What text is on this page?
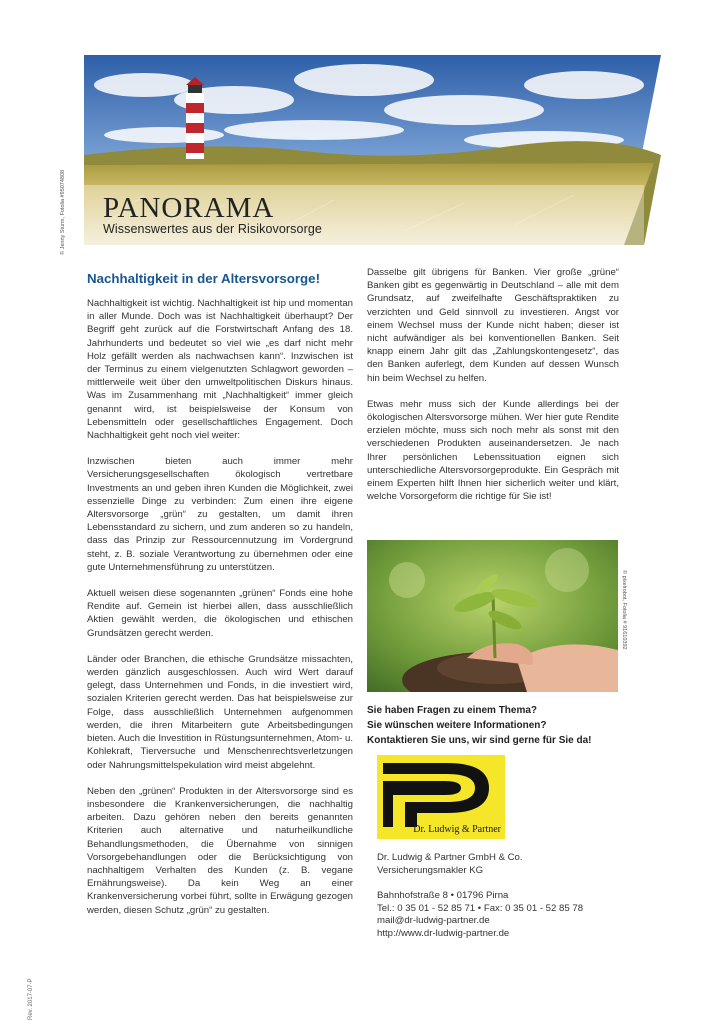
© Jenny Sturm, Fotolia #95074808 PANORAMA
Wissenswertes aus der Risikovorsorge
Nachhaltigkeit in der Altersvorsorge!

Nachhaltigkeit ist wichtig. Nachhaltigkeit ist hip und momentan in aller Munde. Doch was ist Nachhaltigkeit überhaupt? Der Begriff geht zurück auf die Forstwirtschaft Anfang des 18. Jahrhunderts und bedeutet so viel wie „es darf nicht mehr Holz gefällt werden als nachwachsen kann“. Inzwischen ist der Terminus zu einem vielgenutzten Schlagwort geworden – mittlerweile weit über den umweltpolitischen Diskurs hinaus. Was im Zusammenhang mit „Nachhaltigkeit“ immer gleich genannt wird, ist beispielsweise der Konsum von Lebensmitteln oder gesellschaftliches Engagement. Doch Nachhaltigkeit geht noch viel weiter:

Inzwischen bieten auch immer mehr Versicherungsgesellschaften ökologisch vertretbare Investments an und geben ihren Kunden die Möglichkeit, zwei essenzielle Dinge zu verbinden: Zum einen ihre eigene Altersvorsorge „grün“ zu gestalten, um damit ihren Lebensstandard zu sichern, und zum anderen so zu handeln, dass das Prinzip zur Ressourcennutzung im Vordergrund steht, z. B. soziale Verantwortung zu übernehmen oder eine gute Unternehmensführung zu unterstützen.

Aktuell weisen diese sogenannten „grünen“ Fonds eine hohe Rendite auf. Gemein ist hierbei allen, dass ausschließlich Aktien gewählt werden, die ökologischen und ethischen Grundsätzen gerecht werden.

Länder oder Branchen, die ethische Grundsätze missachten, werden gänzlich ausgeschlossen. Auch wird Wert darauf gelegt, dass Unternehmen und Fonds, in die investiert wird, sozialen Kriterien gerecht werden. Das hat beispielsweise zur Folge, dass ausschließlich Unternehmen aufgenommen werden, die ihren Mitarbeitern gute Arbeitsbedingungen bieten. Auch die Investition in Rüstungsunternehmen, Atom- u. Kohlekraft, Tierversuche und Menschenrechtsverletzungen oder Nahrungsmittelspekulation wird meist abgelehnt.

Neben den „grünen“ Produkten in der Altersvorsorge sind es insbesondere die Krankenversicherungen, die nachhaltig arbeiten. Dazu gehören neben den bereits genannten Kriterien auch alternative und naturheilkundliche Behandlungsmethoden, die Übernahme von sinnigen Vorsorgebehandlungen oder die Berücksichtigung von nachhaltigem Verhalten des Kunden (z. B. vegane Ernährungsweise). Da kein Weg an einer Krankenversicherung vorbei führt, sollte in Erwägung gezogen werden, diesen Schutz „grün“ zu gestalten.

Dasselbe gilt übrigens für Banken. Vier große „grüne“ Banken gibt es gegenwärtig in Deutschland – alle mit dem Grundsatz, auf zweifelhafte Geschäftspraktiken zu verzichten und Geld sinnvoll zu investieren. Angst vor einem Wechsel muss der Kunde nicht haben; dieser ist nicht aufwändiger als bei konventionellen Banken. Seit knapp einem Jahr gilt das „Zahlungskontengesetz“, das den Banken auferlegt, dem Kunden auf dessen Wunsch hin beim Wechsel zu helfen.

Etwas mehr muss sich der Kunde allerdings bei der ökologischen Altersvorsorge mühen. Wer hier gute Rendite erzielen möchte, muss sich noch mehr als sonst mit den verschiedenen Produkten auseinandersetzen. Je nach Ihrer persönlichen Lebenssituation eignen sich unterschiedliche Altersvorsorgeprodukte. Ein Gespräch mit einem Experten hilft Ihnen hier sicherlich weiter und klärt, welche Vorsorgeform die richtige für Sie ist!

© pixelrobot, Fotolia # 91610392
Sie haben Fragen zu einem Thema?
Sie wünschen weitere Informationen?
Kontaktieren Sie uns, wir sind gerne für Sie da!
Dr. Ludwig & Partner
Dr. Ludwig & Partner GmbH & Co.
Versicherungsmakler KG
Bahnhofstraße 8 • 01796 Pirna
Tel.: 0 35 01 - 52 85 71 • Fax: 0 35 01 - 52 85 78
mail@dr-ludwig-partner.de
http://www.dr-ludwig-partner.de
Rev. 2017-07-P
